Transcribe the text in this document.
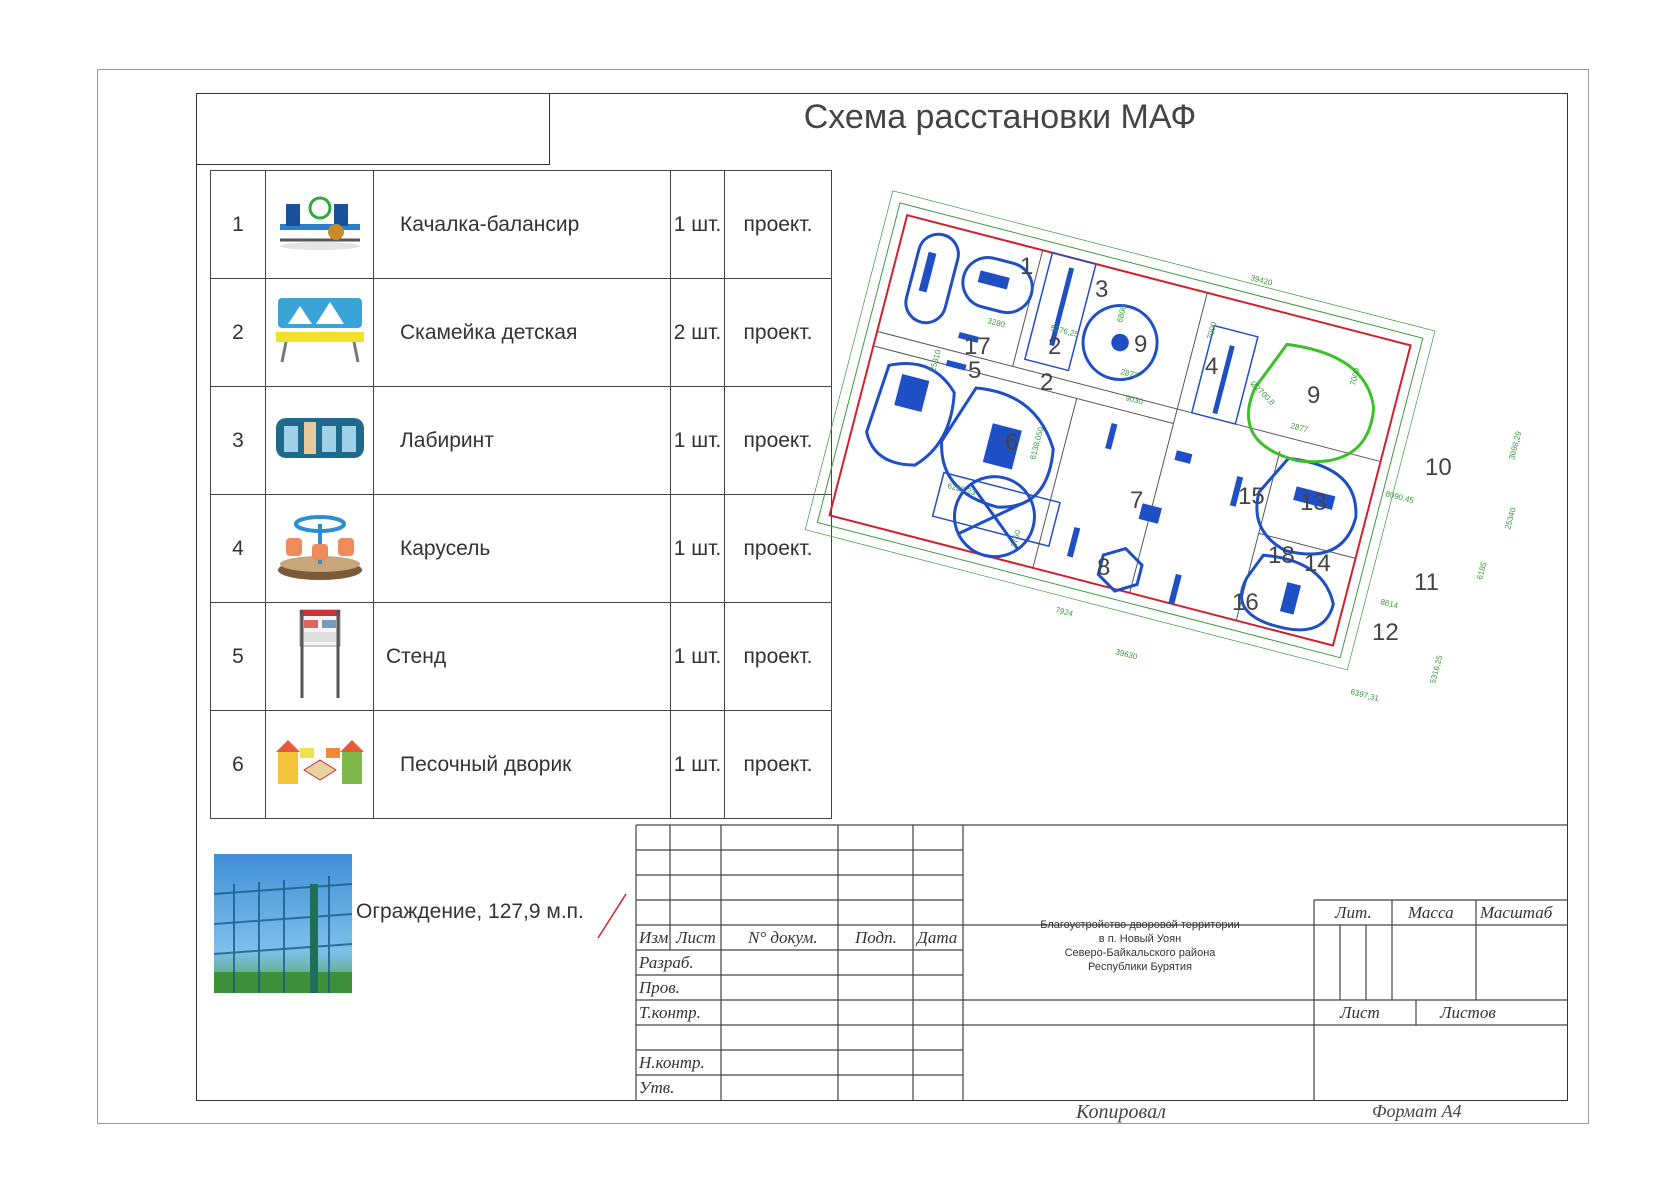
Схема расстановки МАФ
1		Качалка-балансир	1 шт.	проект.
2		Скамейка детская	2 шт.	проект.
3		Лабиринт	1 шт.	проект.
4		Карусель	1 шт.	проект.
5		Стенд	1 шт.	проект.
6		Песочный дворик	1 шт.	проект.
Ограждение, 127,9 м.п.
1
3
17 2
5 2
9
4
9
10
6
7	15 13
18 14
8
11
16
12
39420
25310
3280
5276,25
6800
2877
7000
9030	Ø2700,8
2877
7000
6256,23
6138,050
8090,45
3098,29
25340
2750
7924
8614
6185
39630
6397,31
5316,25
Изм Лист N° докум. Подп. Дата
Разраб.
Пров.
Т.контр.
Н.контр.
Утв.
Лит. Масса Масштаб
Лист	Листов
Благоустройство дворовой территории
в п. Новый Уоян
Северо-Байкальского района
Республики Бурятия
Копировал	Формат А4
